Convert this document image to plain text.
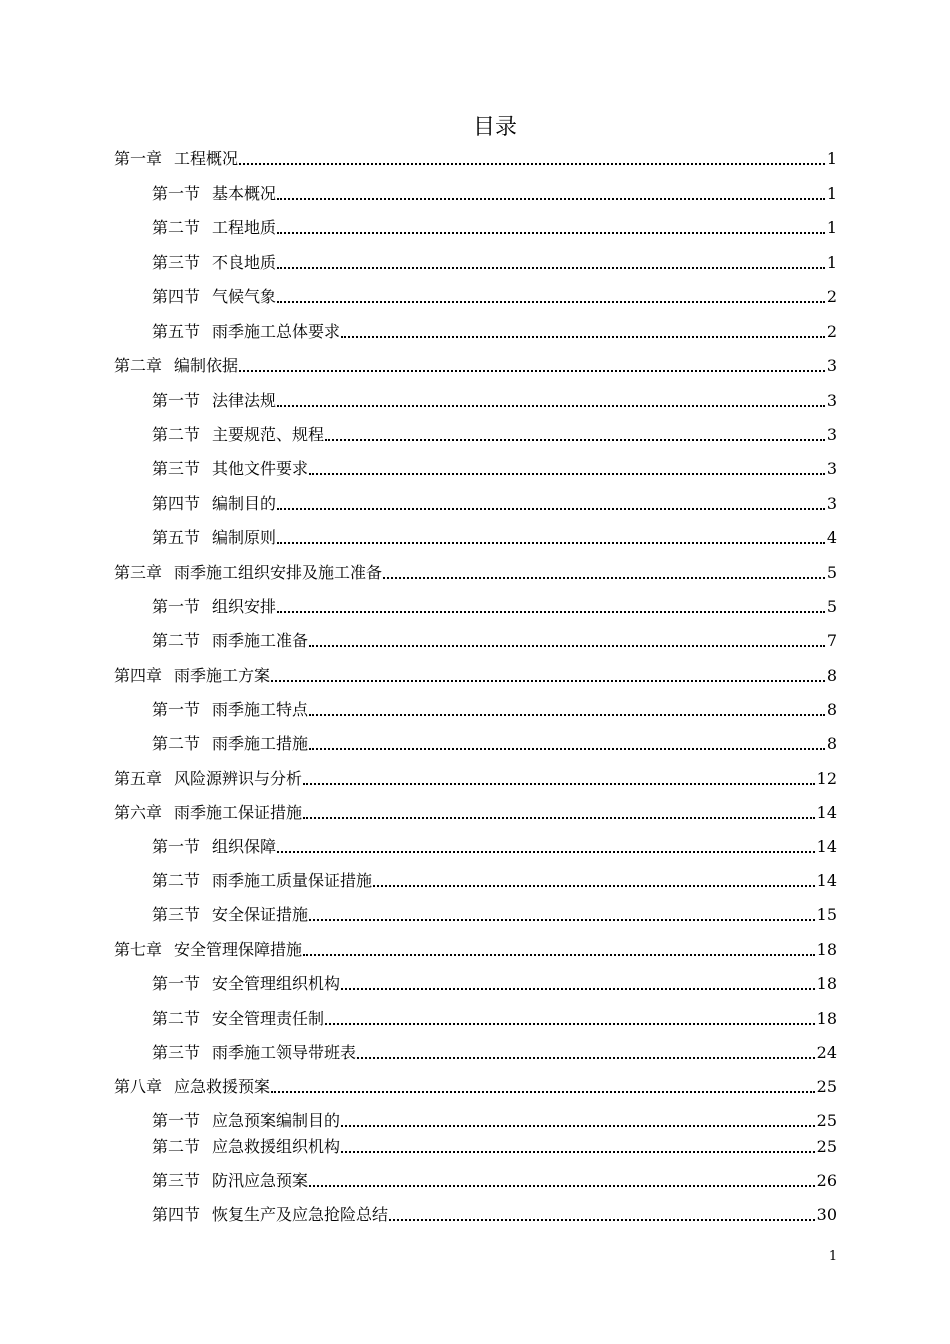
目录
第一章 工程概况	1
第一节 基本概况	1
第二节 工程地质	1
第三节 不良地质	1
第四节 气候气象	2
第五节 雨季施工总体要求	2
第二章 编制依据	3
第一节 法律法规	3
第二节 主要规范、规程	3
第三节 其他文件要求	3
第四节 编制目的	3
第五节 编制原则	4
第三章 雨季施工组织安排及施工准备	5
第一节 组织安排	5
第二节 雨季施工准备	7
第四章 雨季施工方案	8
第一节 雨季施工特点	8
第二节 雨季施工措施	8
第五章 风险源辨识与分析	12
第六章 雨季施工保证措施	14
第一节 组织保障	14
第二节 雨季施工质量保证措施	14
第三节 安全保证措施	15
第七章 安全管理保障措施	18
第一节 安全管理组织机构	18
第二节 安全管理责任制	18
第三节 雨季施工领导带班表	24
第八章 应急救援预案	25
第一节 应急预案编制目的	25
第二节 应急救援组织机构	25
第三节 防汛应急预案	26
第四节 恢复生产及应急抢险总结	30
1
